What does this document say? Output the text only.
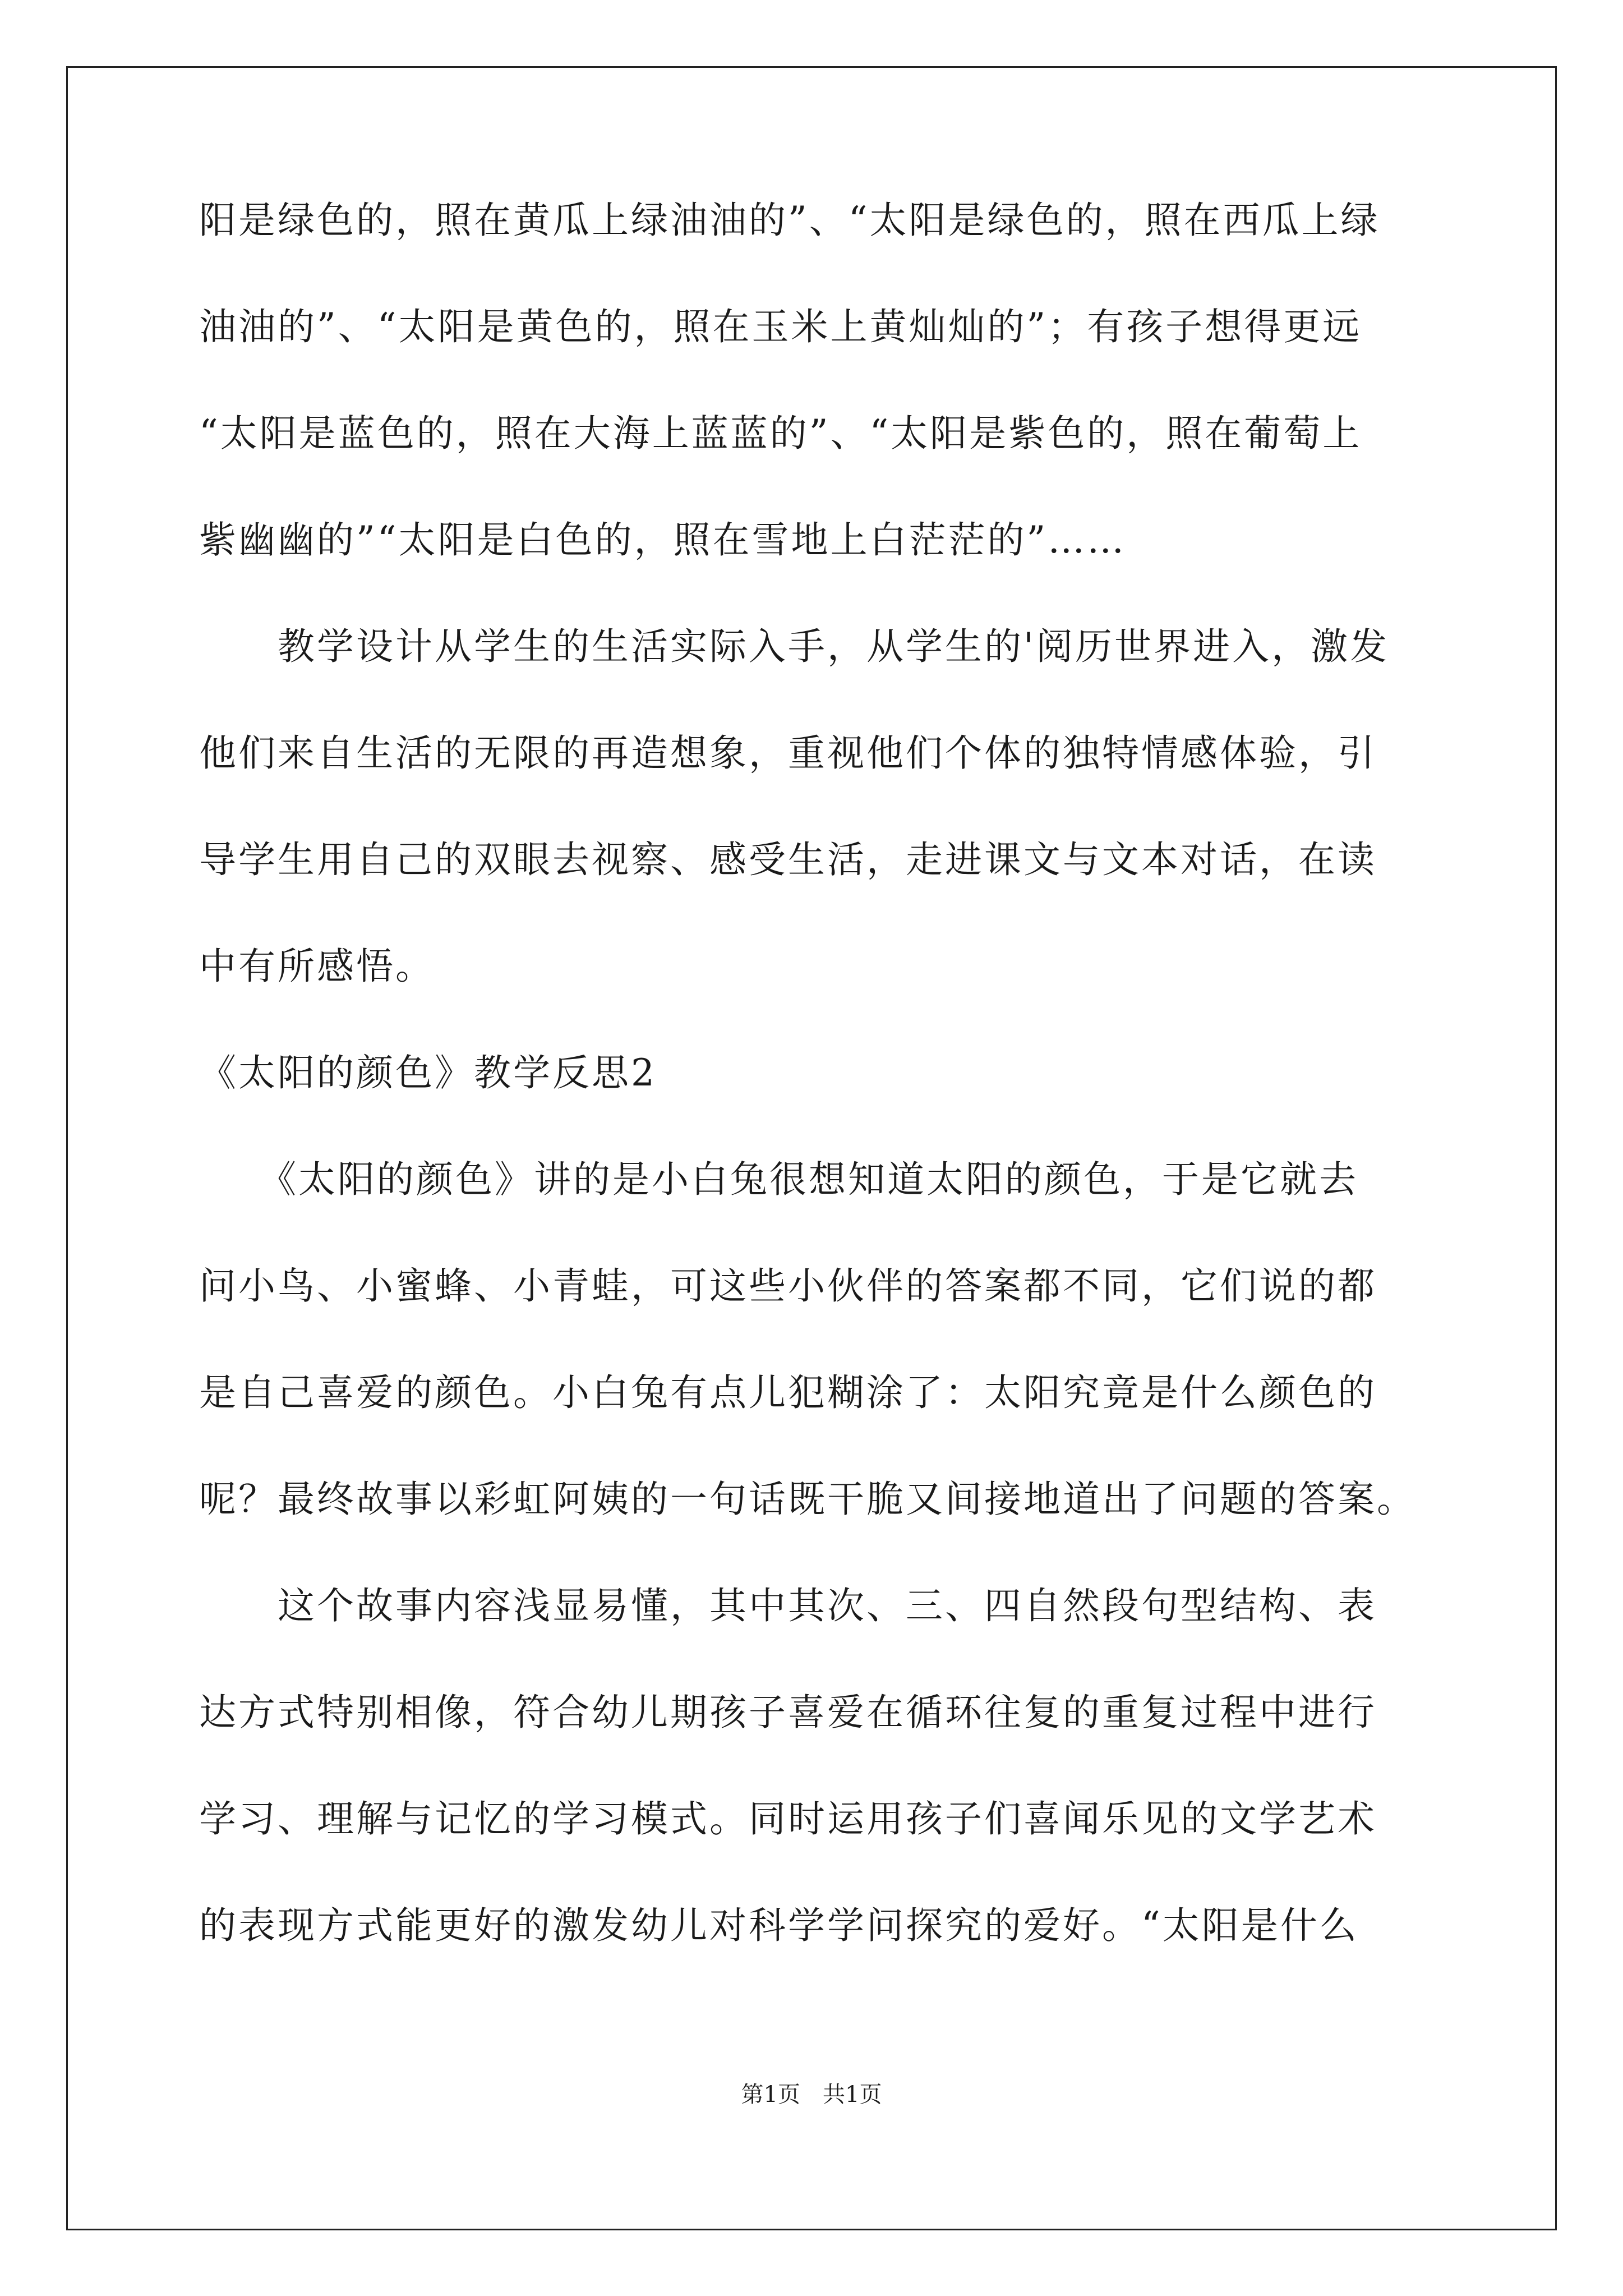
阳是绿色的，照在黄瓜上绿油油的”、“太阳是绿色的，照在西瓜上绿
油油的”、“太阳是黄色的，照在玉米上黄灿灿的”；有孩子想得更远
“太阳是蓝色的，照在大海上蓝蓝的”、“太阳是紫色的，照在葡萄上
紫幽幽的”“太阳是白色的，照在雪地上白茫茫的”……
　　教学设计从学生的生活实际入手，从学生的'阅历世界进入，激发
他们来自生活的无限的再造想象，重视他们个体的独特情感体验，引
导学生用自己的双眼去视察、感受生活，走进课文与文本对话，在读
中有所感悟。
《太阳的颜色》教学反思2
　　《太阳的颜色》讲的是小白兔很想知道太阳的颜色，于是它就去
问小鸟、小蜜蜂、小青蛙，可这些小伙伴的答案都不同，它们说的都
是自己喜爱的颜色。小白兔有点儿犯糊涂了：太阳究竟是什么颜色的
呢？最终故事以彩虹阿姨的一句话既干脆又间接地道出了问题的答案。
　　这个故事内容浅显易懂，其中其次、三、四自然段句型结构、表
达方式特别相像，符合幼儿期孩子喜爱在循环往复的重复过程中进行
学习、理解与记忆的学习模式。同时运用孩子们喜闻乐见的文学艺术
的表现方式能更好的激发幼儿对科学学问探究的爱好。“太阳是什么
第1页　共1页
